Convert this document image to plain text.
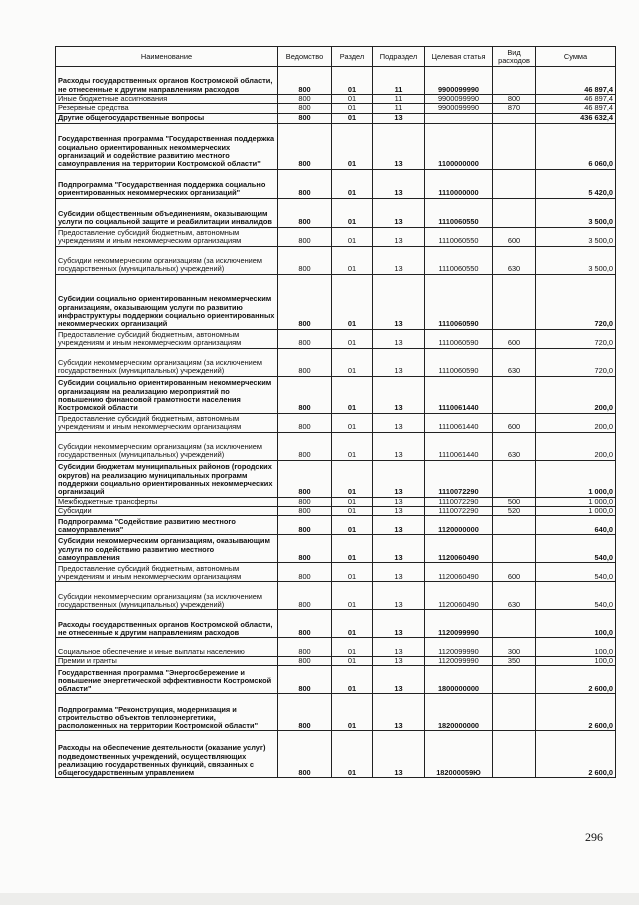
Наименование	Ведомство	Раздел	Подраздел	Целевая статья	Вид расходов	Сумма
Расходы государственных органов Костромской области, не отнесенные к другим направлениям расходов	800	01	11	9900099990		46 897,4
Иные бюджетные ассигнования	800	01	11	9900099990	800	46 897,4
Резервные средства	800	01	11	9900099990	870	46 897,4
Другие общегосударственные вопросы	800	01	13			436 632,4
Государственная программа "Государственная поддержка социально ориентированных некоммерческих организаций и содействие развитию местного самоуправления на территории Костромской области"	800	01	13	1100000000		6 060,0
Подпрограмма "Государственная поддержка социально ориентированных некоммерческих организаций"	800	01	13	1110000000		5 420,0
Субсидии общественным объединениям, оказывающим услуги по социальной защите и реабилитации инвалидов	800	01	13	1110060550		3 500,0
Предоставление субсидий бюджетным, автономным учреждениям и иным некоммерческим организациям	800	01	13	1110060550	600	3 500,0
Субсидии некоммерческим организациям (за исключением государственных (муниципальных) учреждений)	800	01	13	1110060550	630	3 500,0
Субсидии социально ориентированным некоммерческим организациям, оказывающим услуги по развитию инфраструктуры поддержки социально ориентированных некоммерческих организаций	800	01	13	1110060590		720,0
Предоставление субсидий бюджетным, автономным учреждениям и иным некоммерческим организациям	800	01	13	1110060590	600	720,0
Субсидии некоммерческим организациям (за исключением государственных (муниципальных) учреждений)	800	01	13	1110060590	630	720,0
Субсидии социально ориентированным некоммерческим организациям на реализацию мероприятий по повышению финансовой грамотности населения Костромской области	800	01	13	1110061440		200,0
Предоставление субсидий бюджетным, автономным учреждениям и иным некоммерческим организациям	800	01	13	1110061440	600	200,0
Субсидии некоммерческим организациям (за исключением государственных (муниципальных) учреждений)	800	01	13	1110061440	630	200,0
Субсидии бюджетам муниципальных районов (городских округов) на реализацию муниципальных программ поддержки социально ориентированных некоммерческих организаций	800	01	13	1110072290		1 000,0
Межбюджетные трансферты	800	01	13	1110072290	500	1 000,0
Субсидии	800	01	13	1110072290	520	1 000,0
Подпрограмма "Содействие развитию местного самоуправления"	800	01	13	1120000000		640,0
Субсидии некоммерческим организациям, оказывающим услуги по содействию развитию местного самоуправления	800	01	13	1120060490		540,0
Предоставление субсидий бюджетным, автономным учреждениям и иным некоммерческим организациям	800	01	13	1120060490	600	540,0
Субсидии некоммерческим организациям (за исключением государственных (муниципальных) учреждений)	800	01	13	1120060490	630	540,0
Расходы государственных органов Костромской области, не отнесенные к другим направлениям расходов	800	01	13	1120099990		100,0
Социальное обеспечение и иные выплаты населению	800	01	13	1120099990	300	100,0
Премии и гранты	800	01	13	1120099990	350	100,0
Государственная программа "Энергосбережение и повышение энергетической эффективности Костромской области"	800	01	13	1800000000		2 600,0
Подпрограмма "Реконструкция, модернизация и строительство объектов теплоэнергетики, расположенных на территории Костромской области"	800	01	13	1820000000		2 600,0
Расходы на обеспечение деятельности (оказание услуг) подведомственных учреждений, осуществляющих реализацию государственных функций, связанных с общегосударственным управлением	800	01	13	182000059Ю		2 600,0
296
